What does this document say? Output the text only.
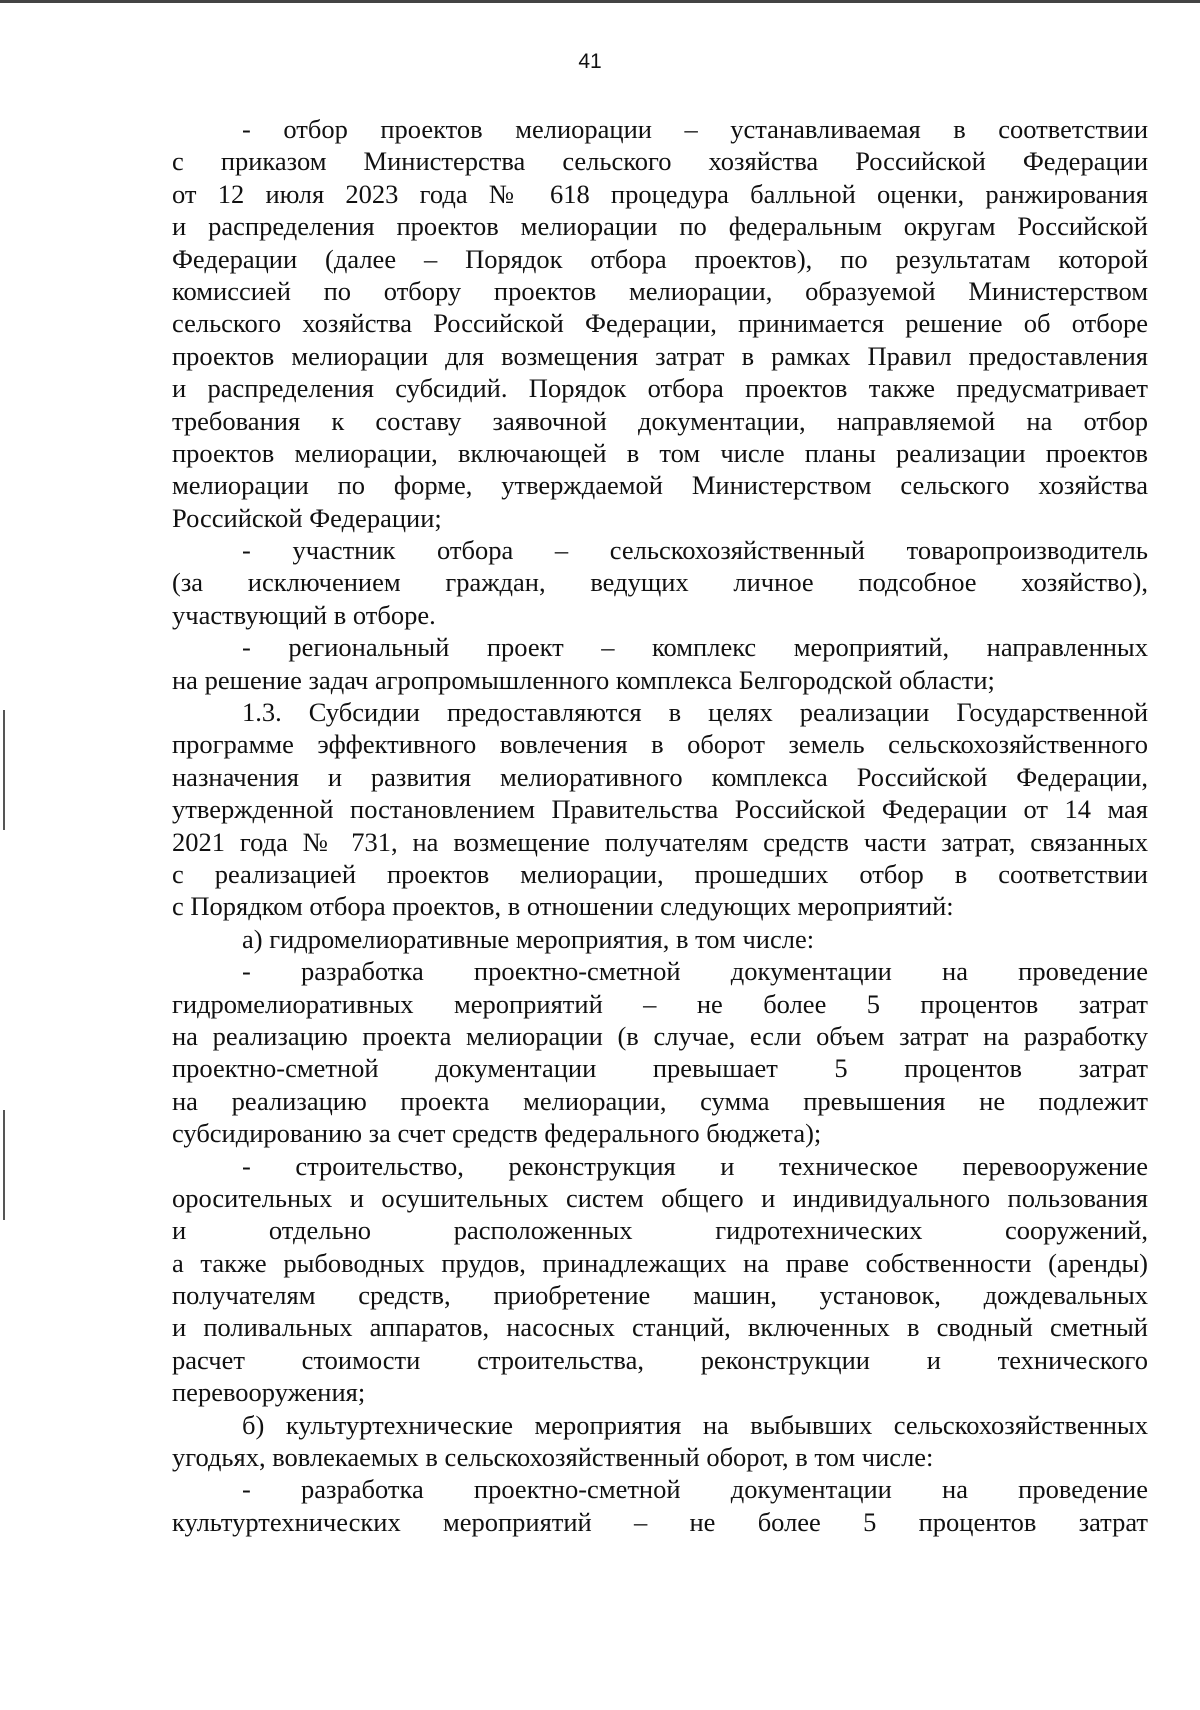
41
- отбор проектов мелиорации – устанавливаемая в соответствии
с приказом Министерства сельского хозяйства Российской Федерации
от 12 июля 2023 года № 618 процедура балльной оценки, ранжирования
и распределения проектов мелиорации по федеральным округам Российской
Федерации (далее – Порядок отбора проектов), по результатам которой
комиссией по отбору проектов мелиорации, образуемой Министерством
сельского хозяйства Российской Федерации, принимается решение об отборе
проектов мелиорации для возмещения затрат в рамках Правил предоставления
и распределения субсидий. Порядок отбора проектов также предусматривает
требования к составу заявочной документации, направляемой на отбор
проектов мелиорации, включающей в том числе планы реализации проектов
мелиорации по форме, утверждаемой Министерством сельского хозяйства
Российской Федерации;
- участник отбора – сельскохозяйственный товаропроизводитель
(за исключением граждан, ведущих личное подсобное хозяйство),
участвующий в отборе.
- региональный проект – комплекс мероприятий, направленных
на решение задач агропромышленного комплекса Белгородской области;
1.3. Субсидии предоставляются в целях реализации Государственной
программе эффективного вовлечения в оборот земель сельскохозяйственного
назначения и развития мелиоративного комплекса Российской Федерации,
утвержденной постановлением Правительства Российской Федерации от 14 мая
2021 года № 731, на возмещение получателям средств части затрат, связанных
с реализацией проектов мелиорации, прошедших отбор в соответствии
с Порядком отбора проектов, в отношении следующих мероприятий:
а) гидромелиоративные мероприятия, в том числе:
- разработка проектно-сметной документации на проведение
гидромелиоративных мероприятий – не более 5 процентов затрат
на реализацию проекта мелиорации (в случае, если объем затрат на разработку
проектно-сметной документации превышает 5 процентов затрат
на реализацию проекта мелиорации, сумма превышения не подлежит
субсидированию за счет средств федерального бюджета);
- строительство, реконструкция и техническое перевооружение
оросительных и осушительных систем общего и индивидуального пользования
и отдельно расположенных гидротехнических сооружений,
а также рыбоводных прудов, принадлежащих на праве собственности (аренды)
получателям средств, приобретение машин, установок, дождевальных
и поливальных аппаратов, насосных станций, включенных в сводный сметный
расчет стоимости строительства, реконструкции и технического
перевооружения;
б) культуртехнические мероприятия на выбывших сельскохозяйственных
угодьях, вовлекаемых в сельскохозяйственный оборот, в том числе:
- разработка проектно-сметной документации на проведение
культуртехнических мероприятий – не более 5 процентов затрат
